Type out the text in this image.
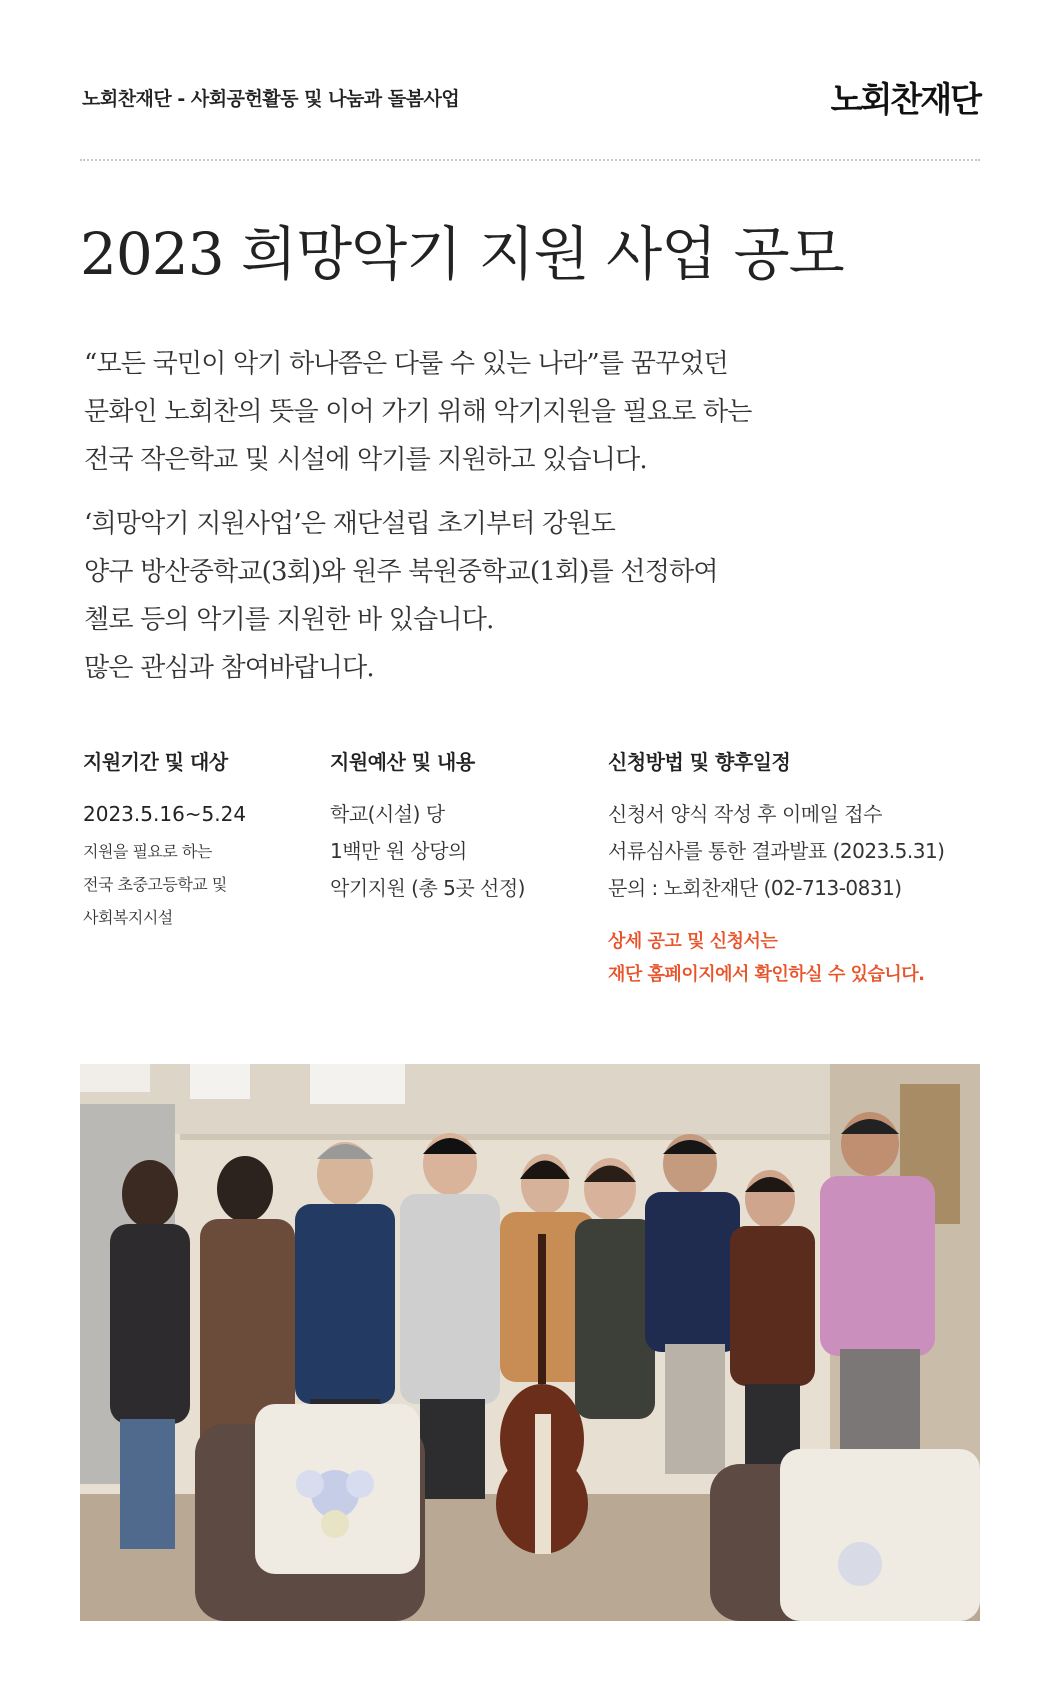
노회찬재단 - 사회공헌활동 및 나눔과 돌봄사업	노회찬재단
2023 희망악기 지원 사업 공모

“모든 국민이 악기 하나쯤은 다룰 수 있는 나라”를 꿈꾸었던

문화인 노회찬의 뜻을 이어 가기 위해 악기지원을 필요로 하는

전국 작은학교 및 시설에 악기를 지원하고 있습니다.

‘희망악기 지원사업’은 재단설립 초기부터 강원도

양구 방산중학교(3회)와 원주 북원중학교(1회)를 선정하여

첼로 등의 악기를 지원한 바 있습니다.

많은 관심과 참여바랍니다.

지원기간 및 대상
2023.5.16~5.24
지원을 필요로 하는
전국 초중고등학교 및
사회복지시설
지원예산 및 내용
학교(시설) 당
1백만 원 상당의
악기지원 (총 5곳 선정)
신청방법 및 향후일정
신청서 양식 작성 후 이메일 접수
서류심사를 통한 결과발표 (2023.5.31)
문의 : 노회찬재단 (02-713-0831)
상세 공고 및 신청서는
재단 홈페이지에서 확인하실 수 있습니다.
